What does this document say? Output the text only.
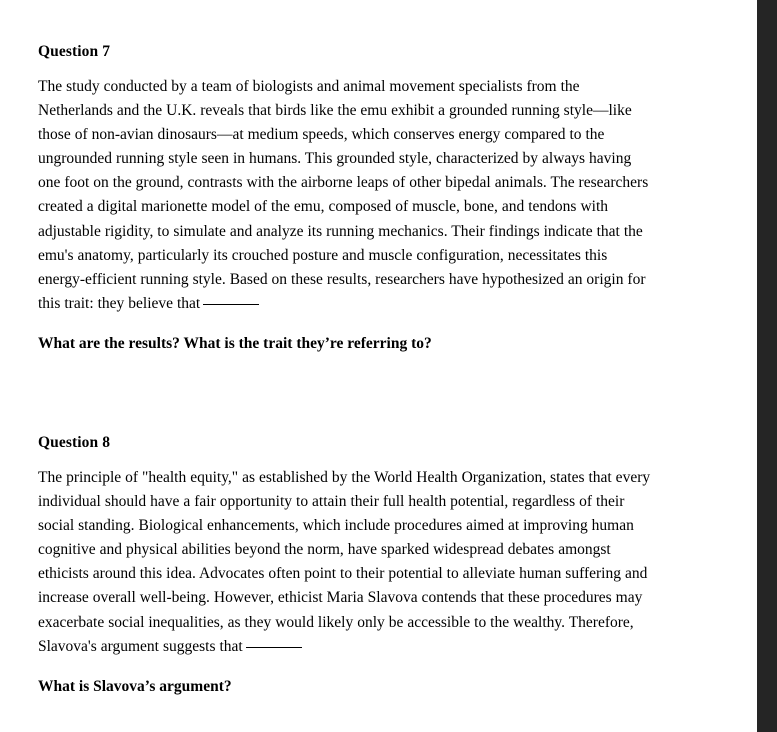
Question 7

The study conducted by a team of biologists and animal movement specialists from the Netherlands and the U.K. reveals that birds like the emu exhibit a grounded running style—like those of non-avian dinosaurs—at medium speeds, which conserves energy compared to the ungrounded running style seen in humans. This grounded style, characterized by always having one foot on the ground, contrasts with the airborne leaps of other bipedal animals. The researchers created a digital marionette model of the emu, composed of muscle, bone, and tendons with adjustable rigidity, to simulate and analyze its running mechanics. Their findings indicate that the emu's anatomy, particularly its crouched posture and muscle configuration, necessitates this energy-efficient running style. Based on these results, researchers have hypothesized an origin for this trait: they believe that

What are the results? What is the trait they’re referring to?

Question 8

The principle of "health equity," as established by the World Health Organization, states that every individual should have a fair opportunity to attain their full health potential, regardless of their social standing. Biological enhancements, which include procedures aimed at improving human cognitive and physical abilities beyond the norm, have sparked widespread debates amongst ethicists around this idea. Advocates often point to their potential to alleviate human suffering and increase overall well-being. However, ethicist Maria Slavova contends that these procedures may exacerbate social inequalities, as they would likely only be accessible to the wealthy. Therefore, Slavova's argument suggests that

What is Slavova’s argument?
